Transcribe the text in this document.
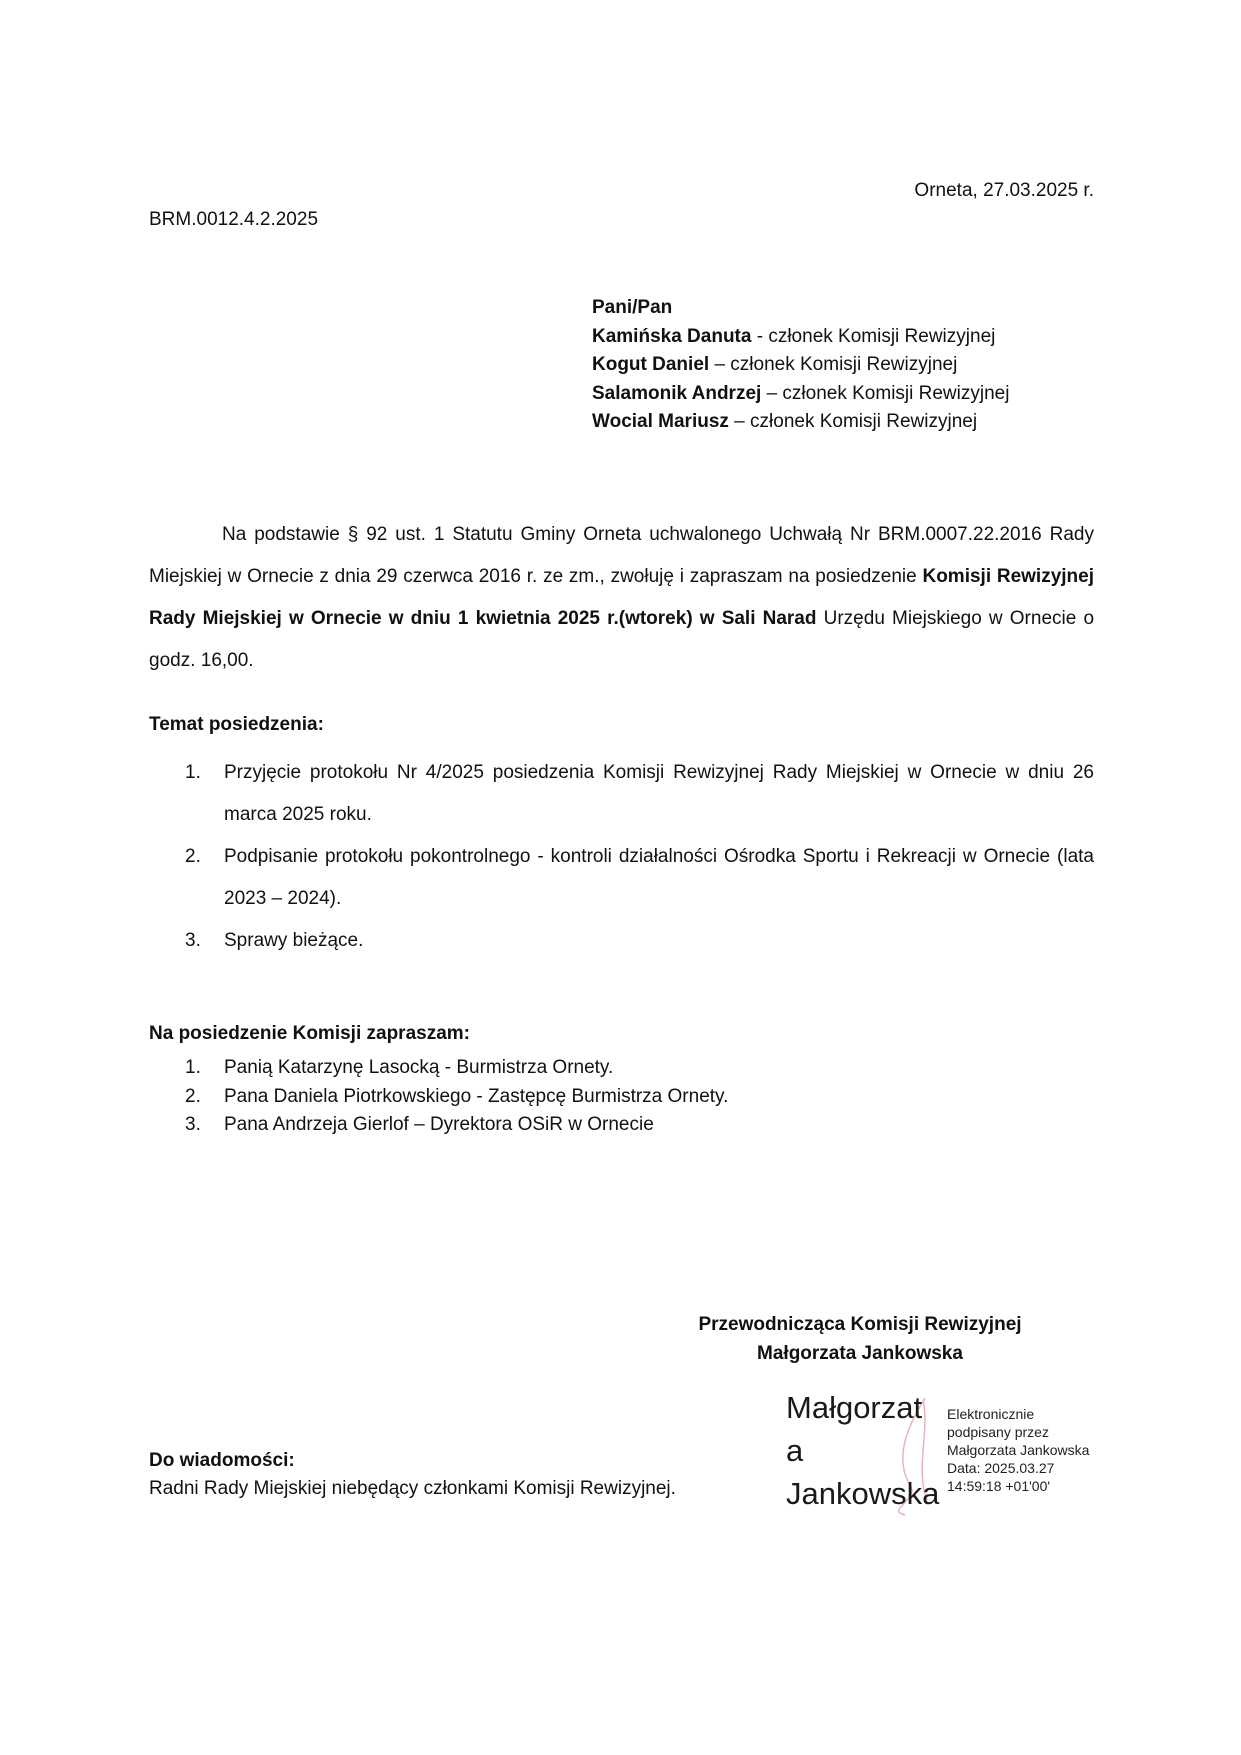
Orneta, 27.03.2025 r.
BRM.0012.4.2.2025
Pani/Pan
Kamińska Danuta - członek Komisji Rewizyjnej
Kogut Daniel – członek Komisji Rewizyjnej
Salamonik Andrzej – członek Komisji Rewizyjnej
Wocial Mariusz – członek Komisji Rewizyjnej
Na podstawie § 92 ust. 1 Statutu Gminy Orneta uchwalonego Uchwałą Nr BRM.0007.22.2016 Rady Miejskiej w Ornecie z dnia 29 czerwca 2016 r. ze zm., zwołuję i zapraszam na posiedzenie Komisji Rewizyjnej Rady Miejskiej w Ornecie w dniu 1 kwietnia 2025 r.(wtorek) w Sali Narad Urzędu Miejskiego w Ornecie o godz. 16,00.
Temat posiedzenia:
1.	Przyjęcie protokołu Nr 4/2025 posiedzenia Komisji Rewizyjnej Rady Miejskiej w Ornecie w dniu 26 marca 2025 roku.
2.	Podpisanie protokołu pokontrolnego - kontroli działalności Ośrodka Sportu i Rekreacji w Ornecie (lata 2023 – 2024).
3.	Sprawy bieżące.
Na posiedzenie Komisji zapraszam:
1.	Panią Katarzynę Lasocką - Burmistrza Ornety.
2.	Pana Daniela Piotrkowskiego - Zastępcę Burmistrza Ornety.
3.	Pana Andrzeja Gierlof – Dyrektora OSiR w Ornecie
Przewodnicząca Komisji Rewizyjnej
Małgorzata Jankowska
Małgorzat
a
Jankowska
Elektronicznie
podpisany przez
Małgorzata Jankowska
Data: 2025.03.27
14:59:18 +01'00'
Do wiadomości:
Radni Rady Miejskiej niebędący członkami Komisji Rewizyjnej.
